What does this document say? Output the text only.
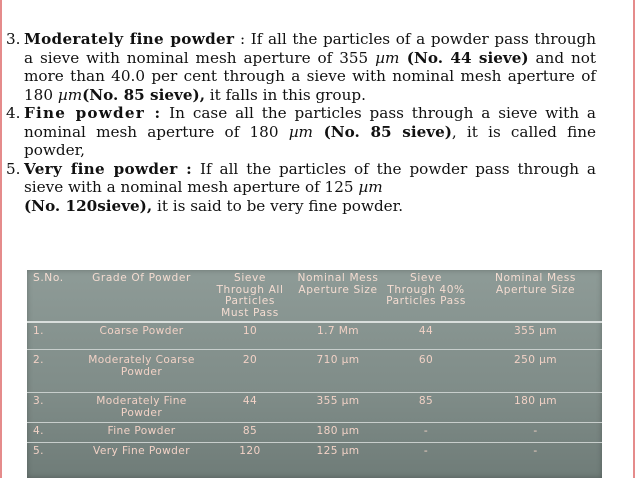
3. Moderately fine powder : If all the particles of a powder pass through a sieve with nominal mesh aperture of 355 µm (No. 44 sieve) and not more than 40.0 per cent through a sieve with nominal mesh aperture of 180 µm(No. 85 sieve), it falls in this group.
4. Fine powder : In case all the particles pass through a sieve with a nominal mesh aperture of 180 µm (No. 85 sieve), it is called fine powder,
5. Very fine powder : If all the particles of the powder pass through a sieve with a nominal mesh aperture of 125 µm
(No. 120sieve), it is said to be very fine powder.
S.No.	Grade Of Powder	Sieve Through All Particles Must Pass	Nominal Mess Aperture Size	Sieve Through 40% Particles Pass	Nominal Mess Aperture Size
1.	Coarse Powder	10	1.7 Mm	44	355 µm
2.	Moderately Coarse Powder	20	710 µm	60	250 µm
3.	Moderately Fine Powder	44	355 µm	85	180 µm
4.	Fine Powder	85	180 µm	-	-
5.	Very Fine Powder	120	125 µm	-	-
